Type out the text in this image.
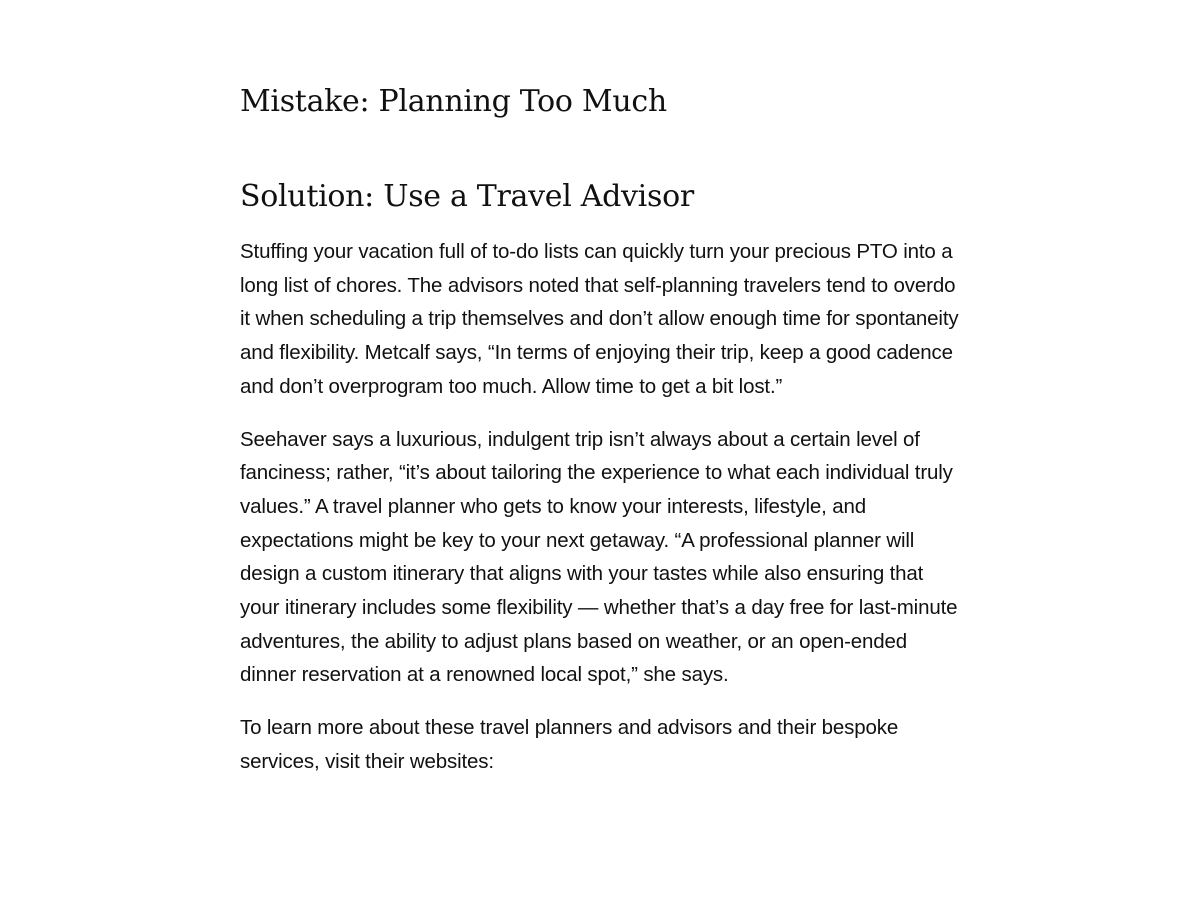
Mistake: Planning Too Much
Solution: Use a Travel Advisor

Stuffing your vacation full of to-do lists can quickly turn your precious PTO into a long list of chores. The advisors noted that self-planning travelers tend to overdo it when scheduling a trip themselves and don’t allow enough time for spontaneity and flexibility. Metcalf says, “In terms of enjoying their trip, keep a good cadence and don’t overprogram too much. Allow time to get a bit lost.”

Seehaver says a luxurious, indulgent trip isn’t always about a certain level of fanciness; rather, “it’s about tailoring the experience to what each individual truly values.” A travel planner who gets to know your interests, lifestyle, and expectations might be key to your next getaway. “A professional planner will design a custom itinerary that aligns with your tastes while also ensuring that your itinerary includes some flexibility — whether that’s a day free for last-minute adventures, the ability to adjust plans based on weather, or an open-ended dinner reservation at a renowned local spot,” she says.

To learn more about these travel planners and advisors and their bespoke services, visit their websites:
